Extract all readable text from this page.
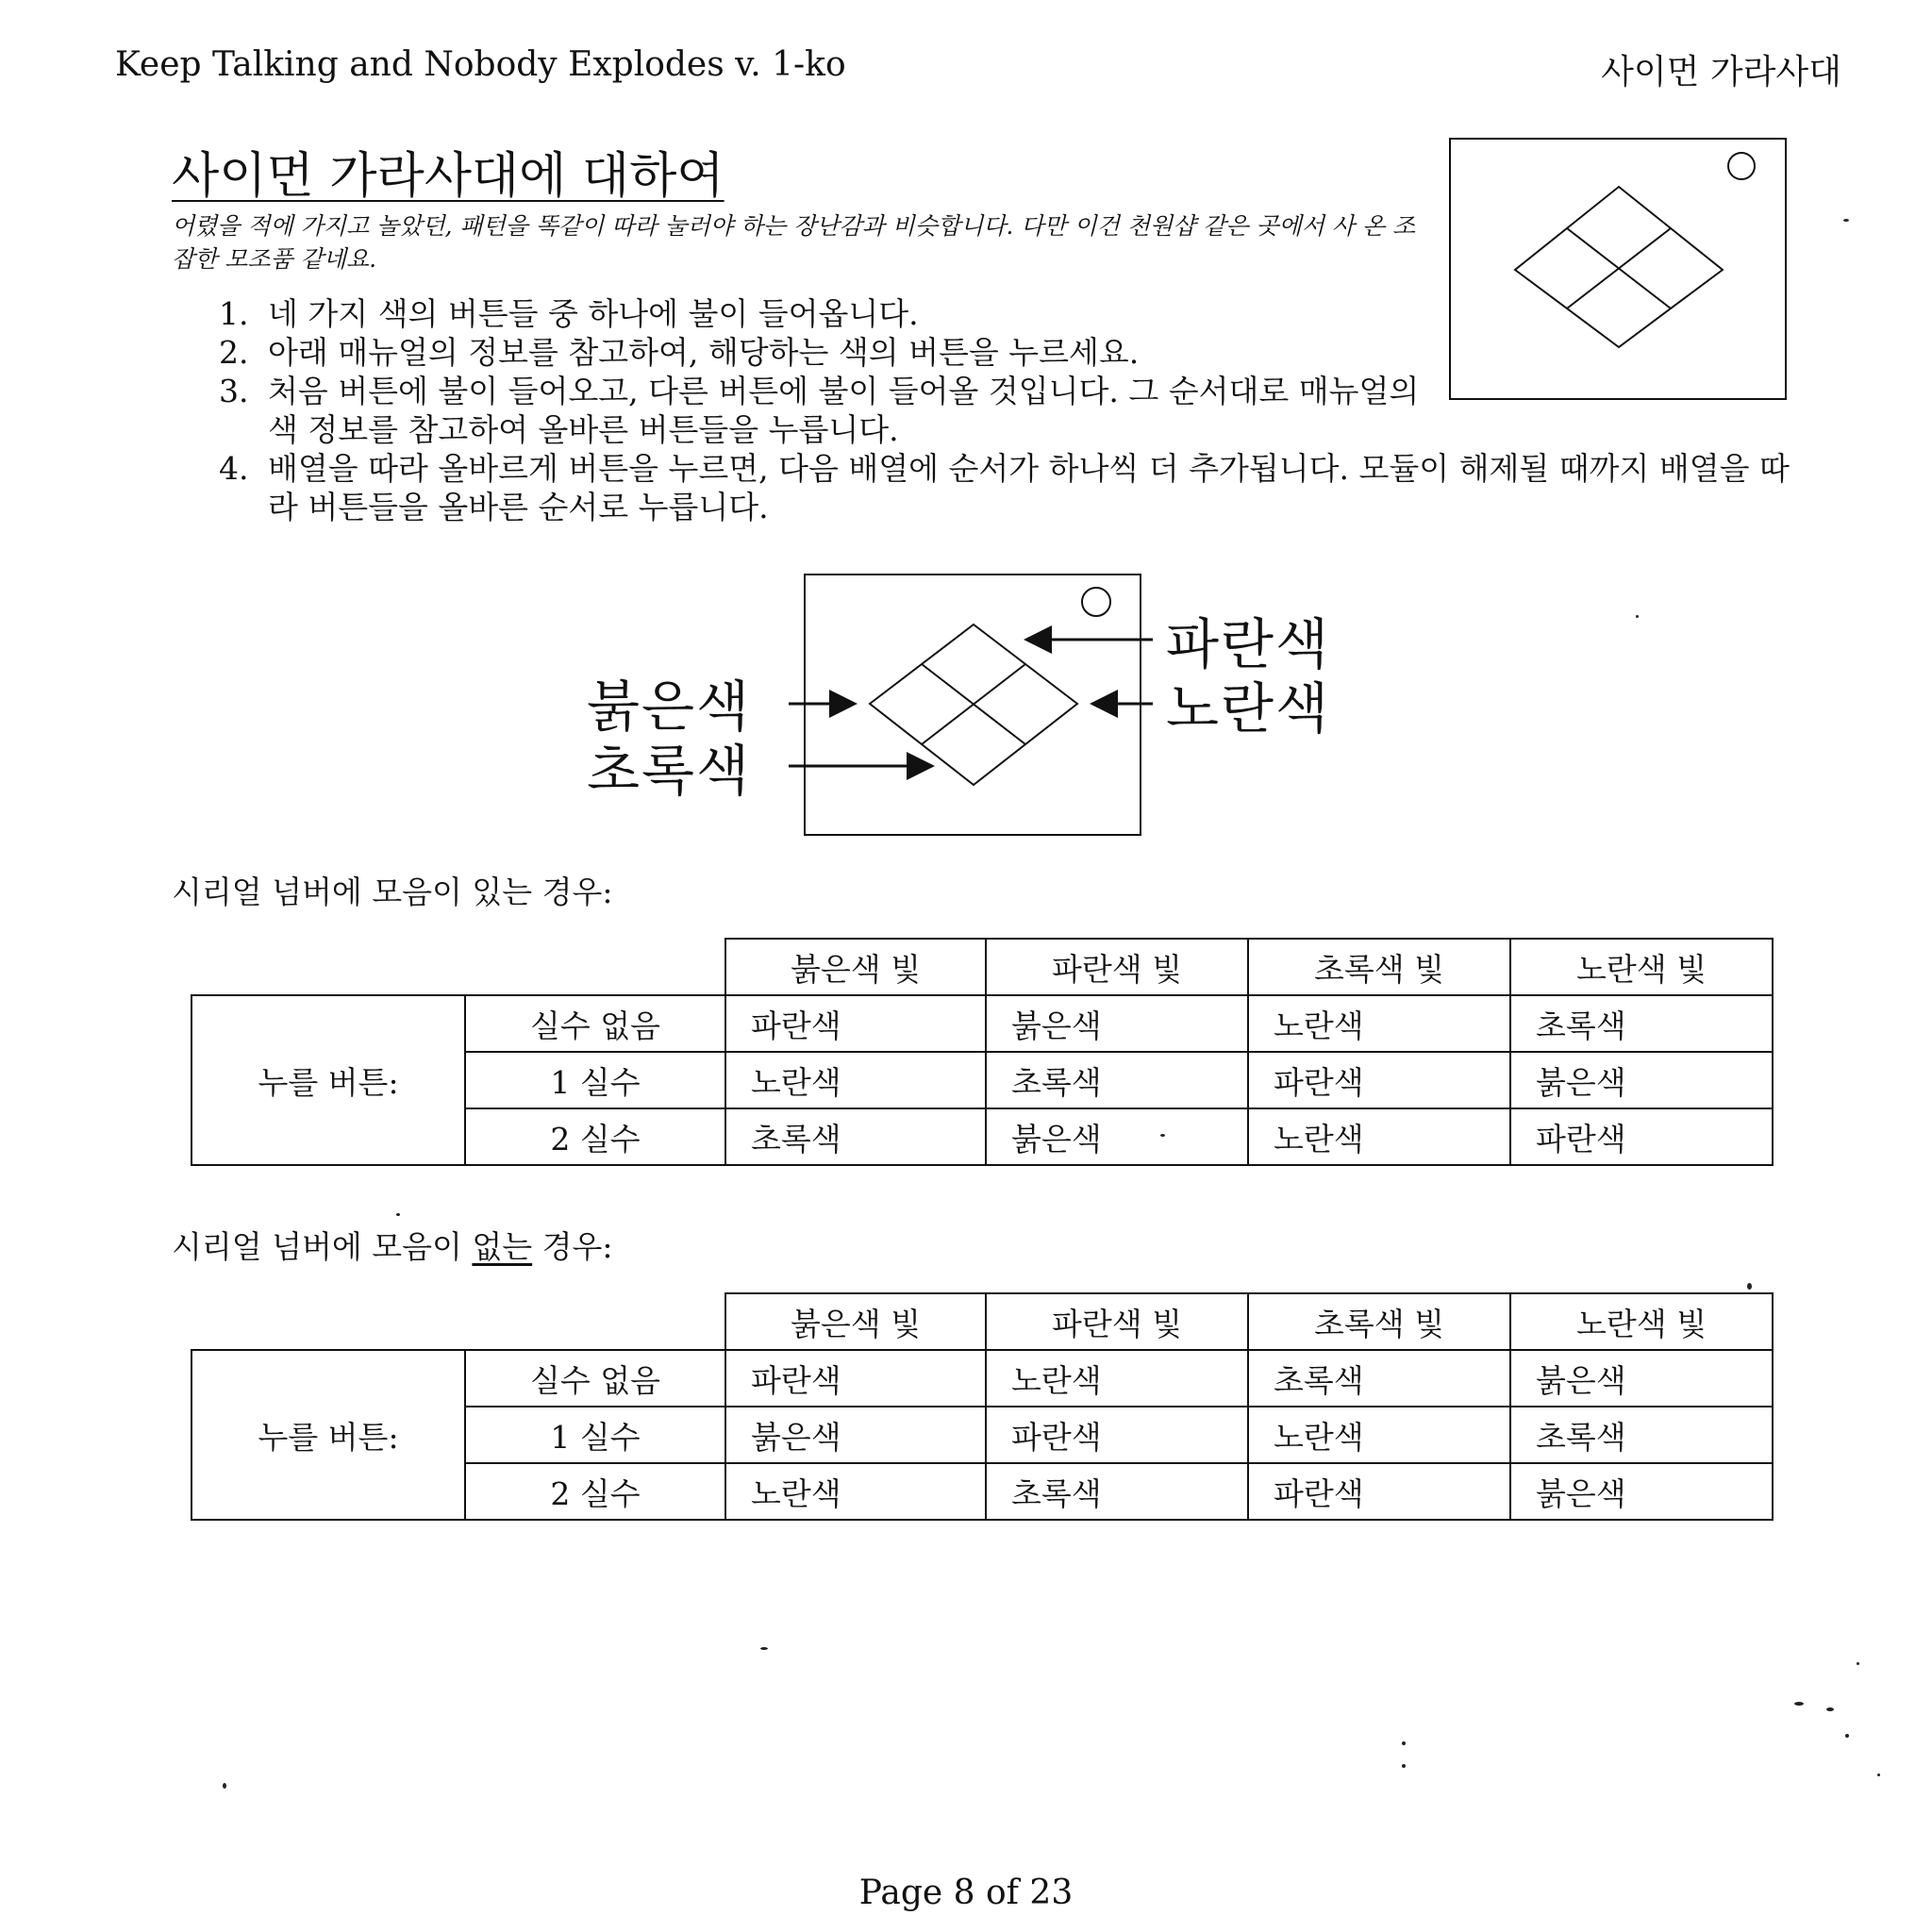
Keep Talking and Nobody Explodes v. 1-ko	사이먼 가라사대
사이먼 가라사대에 대하여
어렸을 적에 가지고 놀았던, 패턴을 똑같이 따라 눌러야 하는 장난감과 비슷합니다. 다만 이건 천원샵 같은 곳에서 사 온 조잡한 모조품 같네요.
1. 네 가지 색의 버튼들 중 하나에 불이 들어옵니다.
2. 아래 매뉴얼의 정보를 참고하여, 해당하는 색의 버튼을 누르세요.
3. 처음 버튼에 불이 들어오고, 다른 버튼에 불이 들어올 것입니다. 그 순서대로 매뉴얼의 색 정보를 참고하여 올바른 버튼들을 누릅니다.
4. 배열을 따라 올바르게 버튼을 누르면, 다음 배열에 순서가 하나씩 더 추가됩니다. 모듈이 해제될 때까지 배열을 따라 버튼들을 올바른 순서로 누릅니다.
붉은색
초록색
파란색
노란색
시리얼 넘버에 모음이 있는 경우:
		붉은색 빛	파란색 빛	초록색 빛	노란색 빛
누를 버튼:	실수 없음	파란색	붉은색	노란색	초록색
	1 실수	노란색	초록색	파란색	붉은색
	2 실수	초록색	붉은색	노란색	파란색
시리얼 넘버에 모음이 없는 경우:
		붉은색 빛	파란색 빛	초록색 빛	노란색 빛
누를 버튼:	실수 없음	파란색	노란색	초록색	붉은색
	1 실수	붉은색	파란색	노란색	초록색
	2 실수	노란색	초록색	파란색	붉은색
Page 8 of 23
